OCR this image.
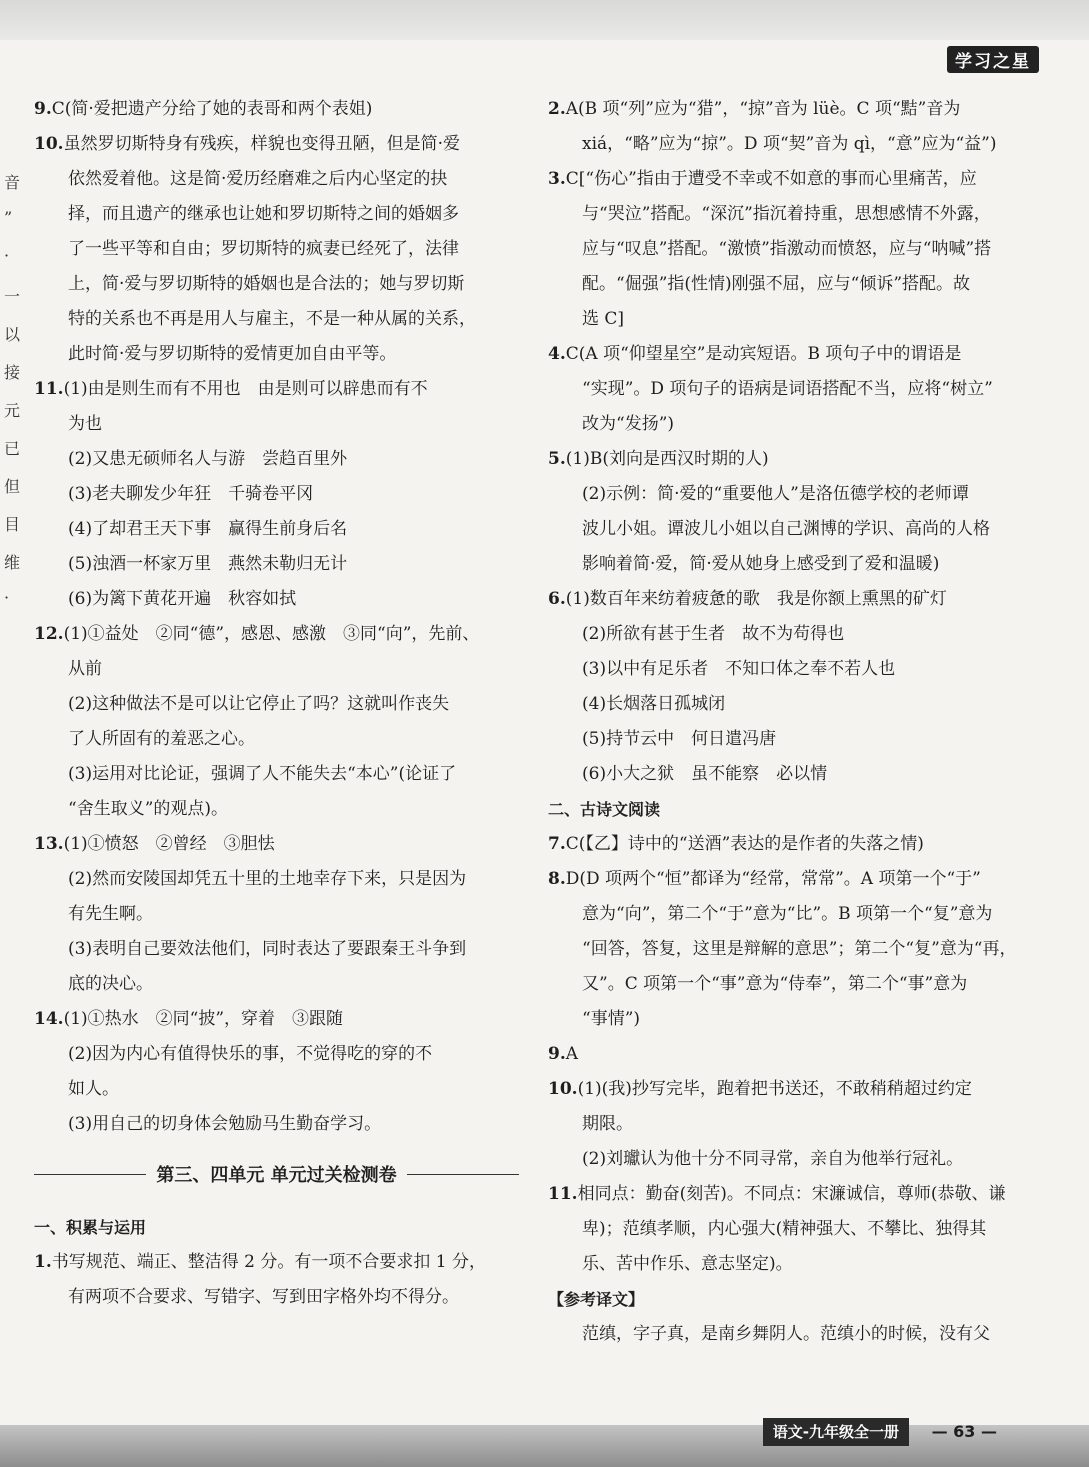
学习之星
音
”
·
一
以
接
元
已
但
目
维
·
9.C(简·爱把遗产分给了她的表哥和两个表姐)
10.虽然罗切斯特身有残疾，样貌也变得丑陋，但是简·爱
依然爱着他。这是简·爱历经磨难之后内心坚定的抉
择，而且遗产的继承也让她和罗切斯特之间的婚姻多
了一些平等和自由；罗切斯特的疯妻已经死了，法律
上，简·爱与罗切斯特的婚姻也是合法的；她与罗切斯
特的关系也不再是用人与雇主，不是一种从属的关系，
此时简·爱与罗切斯特的爱情更加自由平等。
11.(1)由是则生而有不用也　由是则可以辟患而有不
为也
(2)又患无硕师名人与游　尝趋百里外
(3)老夫聊发少年狂　千骑卷平冈
(4)了却君王天下事　赢得生前身后名
(5)浊酒一杯家万里　燕然未勒归无计
(6)为篱下黄花开遍　秋容如拭
12.(1)①益处　②同“德”，感恩、感激　③同“向”，先前、
从前
(2)这种做法不是可以让它停止了吗？这就叫作丧失
了人所固有的羞恶之心。
(3)运用对比论证，强调了人不能失去“本心”(论证了
“舍生取义”的观点)。
13.(1)①愤怒　②曾经　③胆怯
(2)然而安陵国却凭五十里的土地幸存下来，只是因为
有先生啊。
(3)表明自己要效法他们，同时表达了要跟秦王斗争到
底的决心。
14.(1)①热水　②同“披”，穿着　③跟随
(2)因为内心有值得快乐的事，不觉得吃的穿的不
如人。
(3)用自己的切身体会勉励马生勤奋学习。
第三、四单元 单元过关检测卷
一、积累与运用
1.书写规范、端正、整洁得 2 分。有一项不合要求扣 1 分，
有两项不合要求、写错字、写到田字格外均不得分。
2.A(B 项“列”应为“猎”，“掠”音为 lüè。C 项“黠”音为
xiá，“略”应为“掠”。D 项“契”音为 qì，“意”应为“益”)
3.C[“伤心”指由于遭受不幸或不如意的事而心里痛苦，应
与“哭泣”搭配。“深沉”指沉着持重，思想感情不外露，
应与“叹息”搭配。“激愤”指激动而愤怒，应与“呐喊”搭
配。“倔强”指(性情)刚强不屈，应与“倾诉”搭配。故
选 C]
4.C(A 项“仰望星空”是动宾短语。B 项句子中的谓语是
“实现”。D 项句子的语病是词语搭配不当，应将“树立”
改为“发扬”)
5.(1)B(刘向是西汉时期的人)
(2)示例：简·爱的“重要他人”是洛伍德学校的老师谭
波儿小姐。谭波儿小姐以自己渊博的学识、高尚的人格
影响着简·爱，简·爱从她身上感受到了爱和温暖)
6.(1)数百年来纺着疲惫的歌　我是你额上熏黑的矿灯
(2)所欲有甚于生者　故不为苟得也
(3)以中有足乐者　不知口体之奉不若人也
(4)长烟落日孤城闭
(5)持节云中　何日遣冯唐
(6)小大之狱　虽不能察　必以情
二、古诗文阅读
7.C(【乙】诗中的“送酒”表达的是作者的失落之情)
8.D(D 项两个“恒”都译为“经常，常常”。A 项第一个“于”
意为“向”，第二个“于”意为“比”。B 项第一个“复”意为
“回答，答复，这里是辩解的意思”；第二个“复”意为“再，
又”。C 项第一个“事”意为“侍奉”，第二个“事”意为
“事情”)
9.A
10.(1)(我)抄写完毕，跑着把书送还，不敢稍稍超过约定
期限。
(2)刘瓛认为他十分不同寻常，亲自为他举行冠礼。
11.相同点：勤奋(刻苦)。不同点：宋濂诚信，尊师(恭敬、谦
卑)；范缜孝顺，内心强大(精神强大、不攀比、独得其
乐、苦中作乐、意志坚定)。
【参考译文】
　　范缜，字子真，是南乡舞阴人。范缜小的时候，没有父
语文-九年级全一册	— 63 —
